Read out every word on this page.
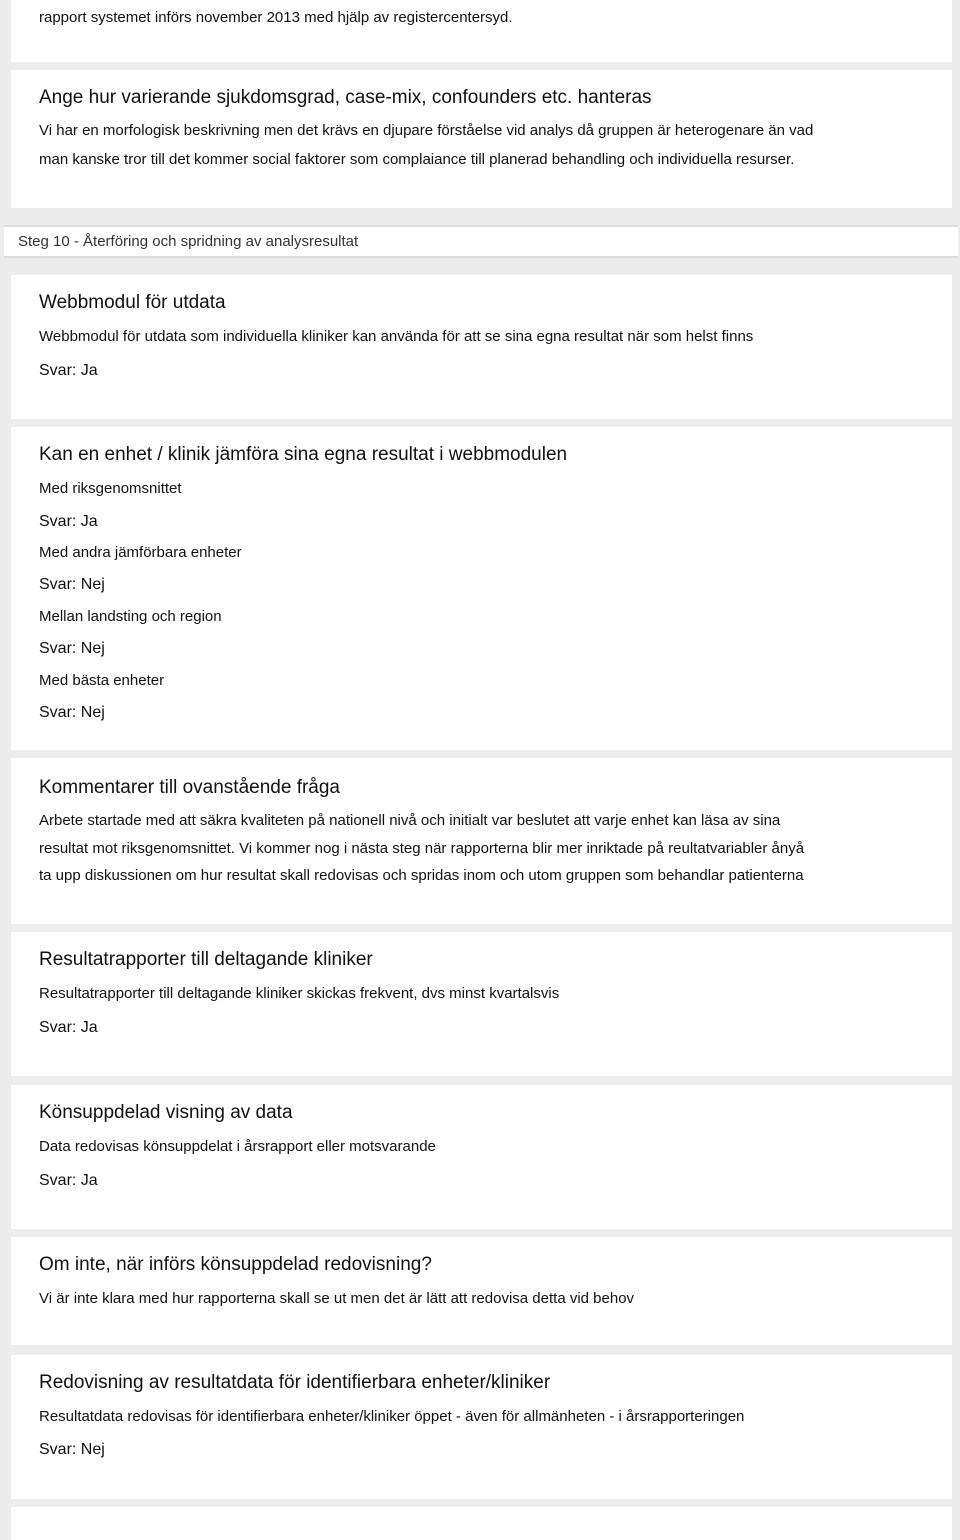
rapport systemet införs november 2013 med hjälp av registercentersyd.

Ange hur varierande sjukdomsgrad, case-mix, confounders etc. hanteras

Vi har en morfologisk beskrivning men det krävs en djupare förståelse vid analys då gruppen är heterogenare än vad

man kanske tror till det kommer social faktorer som complaiance till planerad behandling och individuella resurser.

Steg 10 - Återföring och spridning av analysresultat
Webbmodul för utdata

Webbmodul för utdata som individuella kliniker kan använda för att se sina egna resultat när som helst finns

Svar: Ja

Kan en enhet / klinik jämföra sina egna resultat i webbmodulen

Med riksgenomsnittet

Svar: Ja

Med andra jämförbara enheter

Svar: Nej

Mellan landsting och region

Svar: Nej

Med bästa enheter

Svar: Nej

Kommentarer till ovanstående fråga

Arbete startade med att säkra kvaliteten på nationell nivå och initialt var beslutet att varje enhet kan läsa av sina

resultat mot riksgenomsnittet. Vi kommer nog i nästa steg när rapporterna blir mer inriktade på reultatvariabler ånyå

ta upp diskussionen om hur resultat skall redovisas och spridas inom och utom gruppen som behandlar patienterna

Resultatrapporter till deltagande kliniker

Resultatrapporter till deltagande kliniker skickas frekvent, dvs minst kvartalsvis

Svar: Ja

Könsuppdelad visning av data

Data redovisas könsuppdelat i årsrapport eller motsvarande

Svar: Ja

Om inte, när införs könsuppdelad redovisning?

Vi är inte klara med hur rapporterna skall se ut men det är lätt att redovisa detta vid behov

Redovisning av resultatdata för identifierbara enheter/kliniker

Resultatdata redovisas för identifierbara enheter/kliniker öppet - även för allmänheten - i årsrapporteringen

Svar: Nej
